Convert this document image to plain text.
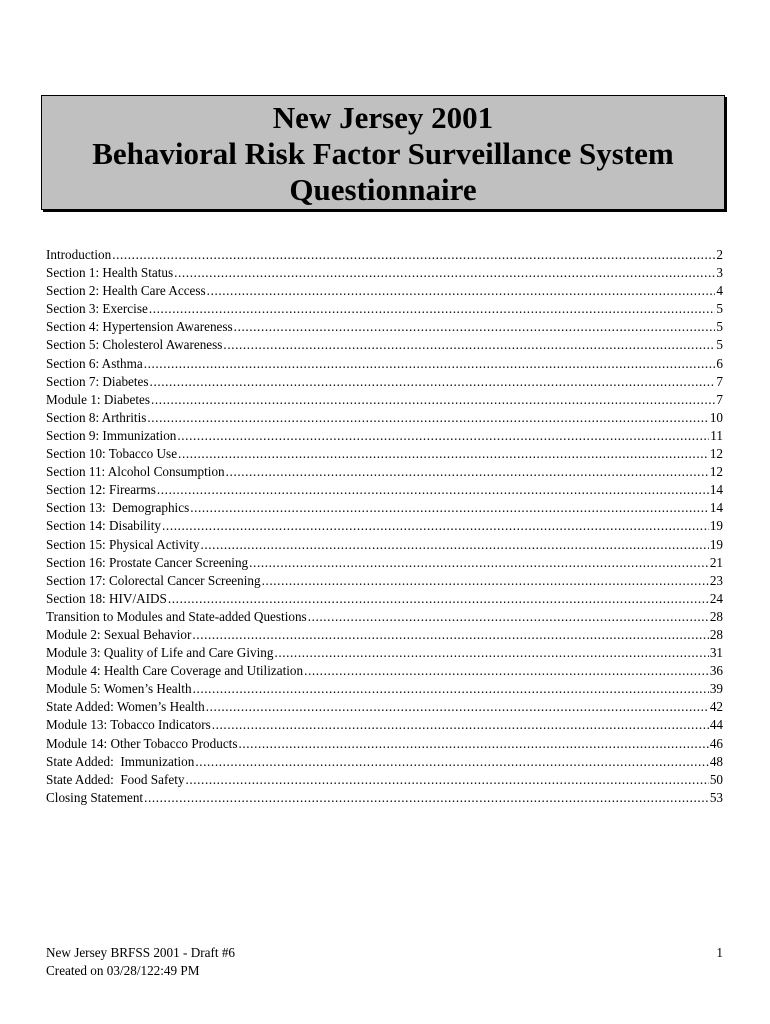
New Jersey 2001
Behavioral Risk Factor Surveillance System
Questionnaire
Introduction .....	2
Section 1: Health Status .....	3
Section 2: Health Care Access .....	4
Section 3: Exercise .....	5
Section 4: Hypertension Awareness .....	5
Section 5: Cholesterol Awareness .....	5
Section 6: Asthma .....	6
Section 7: Diabetes .....	7
Module 1: Diabetes .....	7
Section 8: Arthritis .....	10
Section 9: Immunization .....	11
Section 10: Tobacco Use .....	12
Section 11: Alcohol Consumption .....	12
Section 12: Firearms .....	14
Section 13:  Demographics .....	14
Section 14: Disability .....	19
Section 15: Physical Activity .....	19
Section 16: Prostate Cancer Screening .....	21
Section 17: Colorectal Cancer Screening .....	23
Section 18: HIV/AIDS .....	24
Transition to Modules and State-added Questions .....	28
Module 2: Sexual Behavior .....	28
Module 3: Quality of Life and Care Giving .....	31
Module 4: Health Care Coverage and Utilization .....	36
Module 5: Women’s Health .....	39
State Added: Women’s Health .....	42
Module 13: Tobacco Indicators .....	44
Module 14: Other Tobacco Products .....	46
State Added:  Immunization .....	48
State Added:  Food Safety .....	50
Closing Statement .....	53
New Jersey BRFSS 2001 - Draft #6
Created on 03/28/122:49 PM
1
